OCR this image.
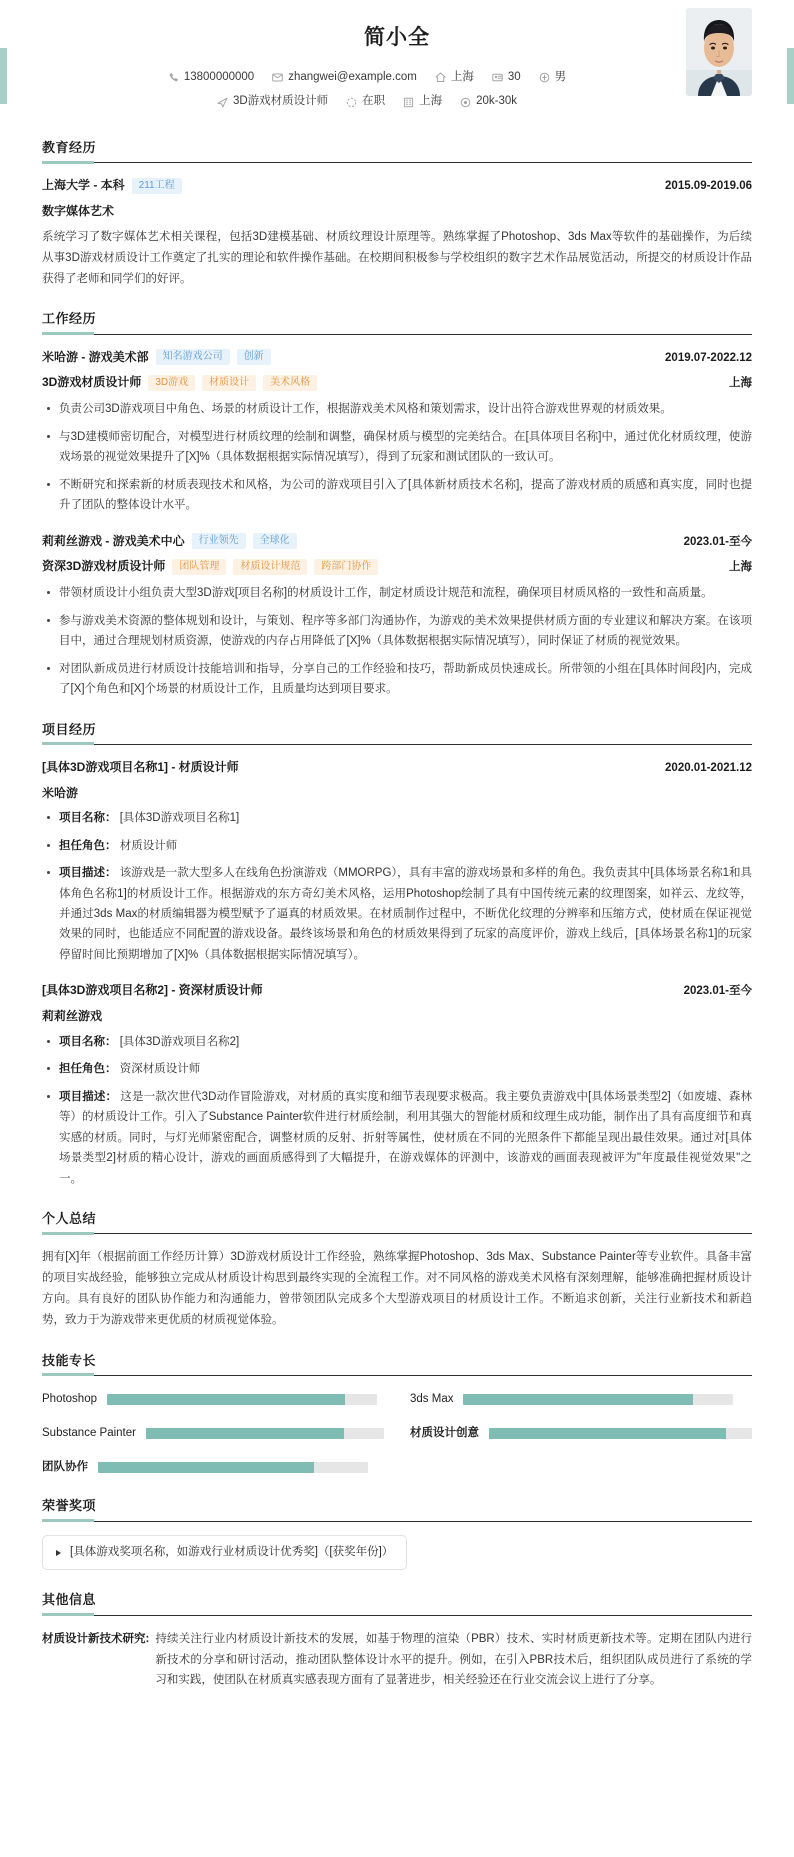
简小全
13800000000	zhangwei@example.com	上海	30	男
3D游戏材质设计师	在职	上海	20k-30k
教育经历
上海大学 - 本科	211工程	2015.09-2019.06
数字媒体艺术
系统学习了数字媒体艺术相关课程，包括3D建模基础、材质纹理设计原理等。熟练掌握了Photoshop、3ds Max等软件的基础操作，为后续从事3D游戏材质设计工作奠定了扎实的理论和软件操作基础。在校期间积极参与学校组织的数字艺术作品展览活动，所提交的材质设计作品获得了老师和同学们的好评。
工作经历
米哈游 - 游戏美术部	知名游戏公司	创新	2019.07-2022.12
3D游戏材质设计师	3D游戏	材质设计	美术风格	上海
负责公司3D游戏项目中角色、场景的材质设计工作，根据游戏美术风格和策划需求，设计出符合游戏世界观的材质效果。
与3D建模师密切配合，对模型进行材质纹理的绘制和调整，确保材质与模型的完美结合。在[具体项目名称]中，通过优化材质纹理，使游戏场景的视觉效果提升了[X]%（具体数据根据实际情况填写），得到了玩家和测试团队的一致认可。
不断研究和探索新的材质表现技术和风格，为公司的游戏项目引入了[具体新材质技术名称]，提高了游戏材质的质感和真实度，同时也提升了团队的整体设计水平。
莉莉丝游戏 - 游戏美术中心	行业领先	全球化	2023.01-至今
资深3D游戏材质设计师	团队管理	材质设计规范	跨部门协作	上海
带领材质设计小组负责大型3D游戏[项目名称]的材质设计工作，制定材质设计规范和流程，确保项目材质风格的一致性和高质量。
参与游戏美术资源的整体规划和设计，与策划、程序等多部门沟通协作，为游戏的美术效果提供材质方面的专业建议和解决方案。在该项目中，通过合理规划材质资源，使游戏的内存占用降低了[X]%（具体数据根据实际情况填写），同时保证了材质的视觉效果。
对团队新成员进行材质设计技能培训和指导，分享自己的工作经验和技巧，帮助新成员快速成长。所带领的小组在[具体时间段]内，完成了[X]个角色和[X]个场景的材质设计工作，且质量均达到项目要求。
项目经历
[具体3D游戏项目名称1] - 材质设计师	2020.01-2021.12
米哈游
项目名称： [具体3D游戏项目名称1]
担任角色： 材质设计师
项目描述： 该游戏是一款大型多人在线角色扮演游戏（MMORPG），具有丰富的游戏场景和多样的角色。我负责其中[具体场景名称1和具体角色名称1]的材质设计工作。根据游戏的东方奇幻美术风格，运用Photoshop绘制了具有中国传统元素的纹理图案，如祥云、龙纹等，并通过3ds Max的材质编辑器为模型赋予了逼真的材质效果。在材质制作过程中，不断优化纹理的分辨率和压缩方式，使材质在保证视觉效果的同时，也能适应不同配置的游戏设备。最终该场景和角色的材质效果得到了玩家的高度评价，游戏上线后，[具体场景名称1]的玩家停留时间比预期增加了[X]%（具体数据根据实际情况填写）。
[具体3D游戏项目名称2] - 资深材质设计师	2023.01-至今
莉莉丝游戏
项目名称： [具体3D游戏项目名称2]
担任角色： 资深材质设计师
项目描述： 这是一款次世代3D动作冒险游戏，对材质的真实度和细节表现要求极高。我主要负责游戏中[具体场景类型2]（如废墟、森林等）的材质设计工作。引入了Substance Painter软件进行材质绘制，利用其强大的智能材质和纹理生成功能，制作出了具有高度细节和真实感的材质。同时，与灯光师紧密配合，调整材质的反射、折射等属性，使材质在不同的光照条件下都能呈现出最佳效果。通过对[具体场景类型2]材质的精心设计，游戏的画面质感得到了大幅提升，在游戏媒体的评测中，该游戏的画面表现被评为"年度最佳视觉效果"之一。
个人总结
拥有[X]年（根据前面工作经历计算）3D游戏材质设计工作经验，熟练掌握Photoshop、3ds Max、Substance Painter等专业软件。具备丰富的项目实战经验，能够独立完成从材质设计构思到最终实现的全流程工作。对不同风格的游戏美术风格有深刻理解，能够准确把握材质设计方向。具有良好的团队协作能力和沟通能力，曾带领团队完成多个大型游戏项目的材质设计工作。不断追求创新，关注行业新技术和新趋势，致力于为游戏带来更优质的材质视觉体验。
技能专长
Photoshop	3ds Max
Substance Painter	材质设计创意
团队协作
荣誉奖项
[具体游戏奖项名称，如游戏行业材质设计优秀奖]（[获奖年份]）
其他信息
材质设计新技术研究: 持续关注行业内材质设计新技术的发展，如基于物理的渲染（PBR）技术、实时材质更新技术等。定期在团队内进行新技术的分享和研讨活动，推动团队整体设计水平的提升。例如，在引入PBR技术后，组织团队成员进行了系统的学习和实践，使团队在材质真实感表现方面有了显著进步，相关经验还在行业交流会议上进行了分享。
